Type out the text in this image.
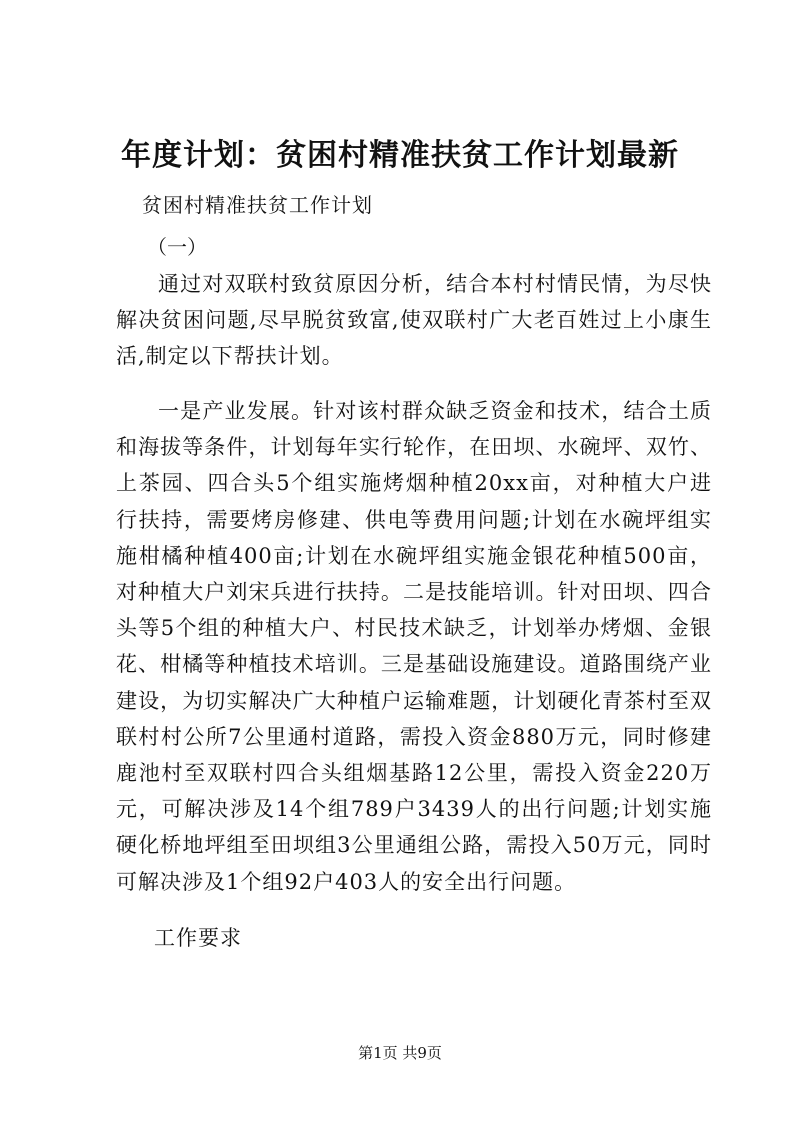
年度计划：贫困村精准扶贫工作计划最新

贫困村精准扶贫工作计划

（一）

通过对双联村致贫原因分析，结合本村村情民情，为尽快解决贫困问题,尽早脱贫致富,使双联村广大老百姓过上小康生活,制定以下帮扶计划。

一是产业发展。针对该村群众缺乏资金和技术，结合土质和海拔等条件，计划每年实行轮作，在田坝、水碗坪、双竹、上茶园、四合头5个组实施烤烟种植20xx亩，对种植大户进行扶持，需要烤房修建、供电等费用问题;计划在水碗坪组实施柑橘种植400亩;计划在水碗坪组实施金银花种植500亩，对种植大户刘宋兵进行扶持。二是技能培训。针对田坝、四合头等5个组的种植大户、村民技术缺乏，计划举办烤烟、金银花、柑橘等种植技术培训。三是基础设施建设。道路围绕产业建设，为切实解决广大种植户运输难题，计划硬化青茶村至双联村村公所7公里通村道路，需投入资金880万元，同时修建鹿池村至双联村四合头组烟基路12公里，需投入资金220万元，可解决涉及14个组789户3439人的出行问题;计划实施硬化桥地坪组至田坝组3公里通组公路，需投入50万元，同时可解决涉及1个组92户403人的安全出行问题。

工作要求

第1页 共9页
